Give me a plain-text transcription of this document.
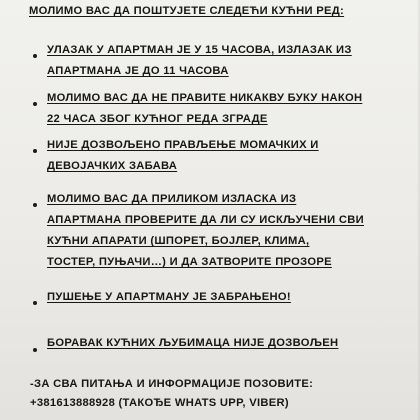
МОЛИМО ВАС ДА ПОШТУЈЕТЕ СЛЕДЕЋИ КУЋНИ РЕД:
УЛАЗАК У АПАРТМАН ЈЕ У 15 ЧАСОВА, ИЗЛАЗАК ИЗ
АПАРТМАНА ЈЕ ДО 11 ЧАСОВА
МОЛИМО ВАС ДА НЕ ПРАВИТЕ НИКАКВУ БУКУ НАКОН
22 ЧАСА ЗБОГ КУЋНОГ РЕДА ЗГРАДЕ
НИЈЕ ДОЗВОЉЕНО ПРАВЉЕЊЕ МОМАЧКИХ И
ДЕВОЈАЧКИХ ЗАБАВА
МОЛИМО ВАС ДА ПРИЛИКОМ ИЗЛАСКА ИЗ
АПАРТМАНА ПРОВЕРИТЕ ДА ЛИ СУ ИСКЉУЧЕНИ СВИ
КУЋНИ АПАРАТИ (ШПОРЕТ, БОЈЛЕР, КЛИМА,
ТОСТЕР, ПУЊАЧИ…) И ДА ЗАТВОРИТЕ ПРОЗОРЕ
ПУШЕЊЕ У АПАРТМАНУ ЈЕ ЗАБРАЊЕНО!
БОРАВАК КУЋНИХ ЉУБИМАЦА НИЈЕ ДОЗВОЉЕН
-ЗА СВА ПИТАЊА И ИНФОРМАЦИЈЕ ПОЗОВИТЕ:
+381613888928 (ТАКОЂЕ WHATS UPP, VIBER)
